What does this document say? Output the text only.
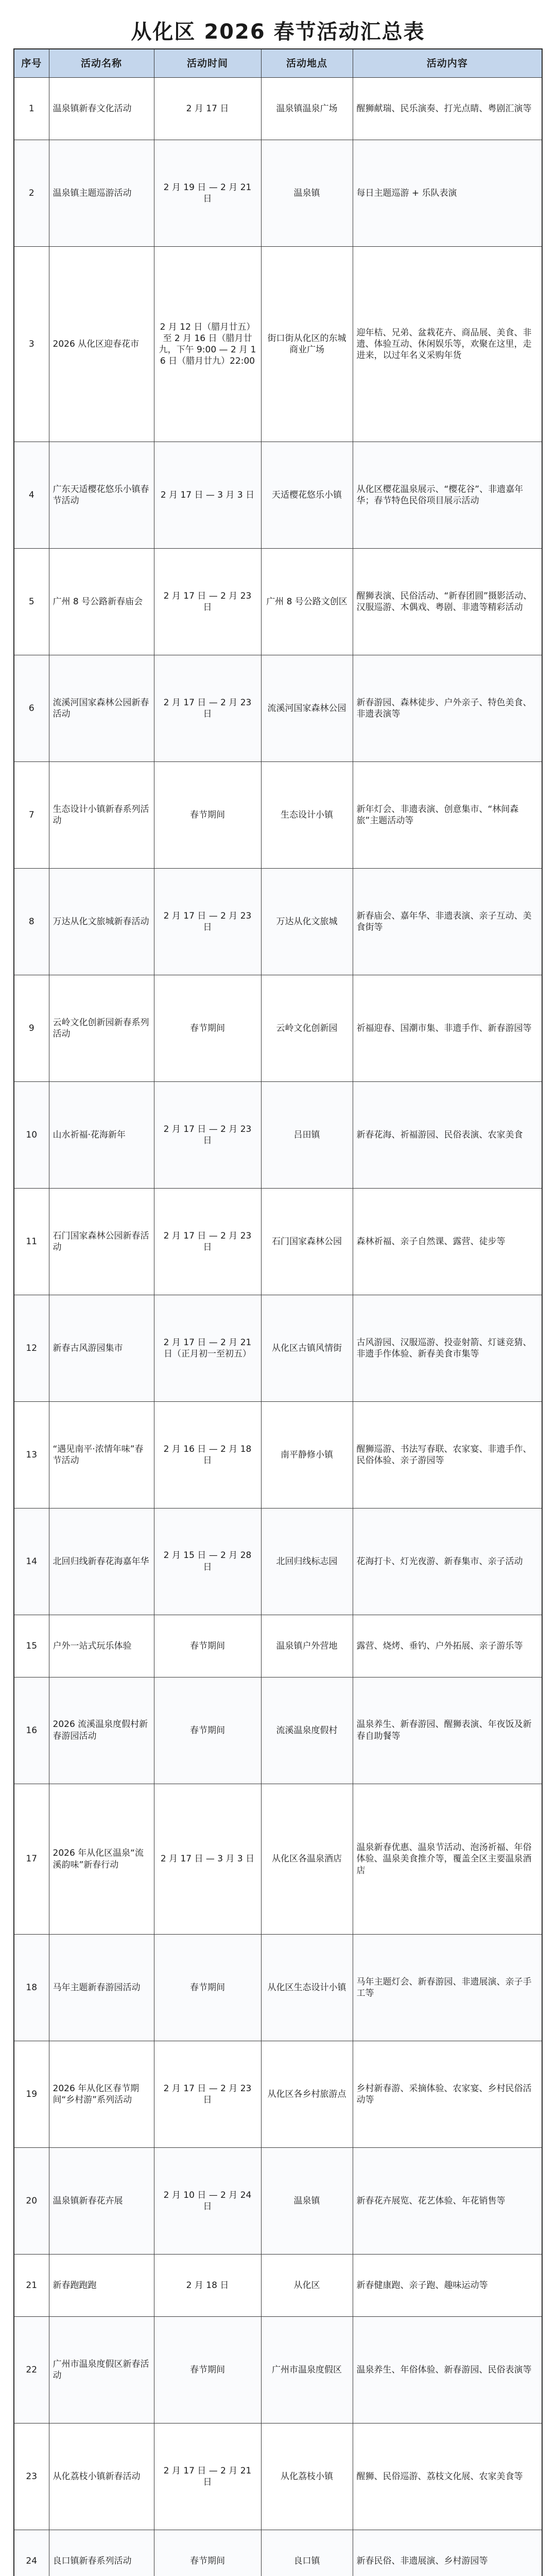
从化区 2026 春节活动汇总表
序号	活动名称	活动时间	活动地点	活动内容
1	温泉镇新春文化活动	2 月 17 日	温泉镇温泉广场	醒狮献瑞、民乐演奏、打光点睛、粤剧汇演等
2	温泉镇主题巡游活动	2 月 19 日 — 2 月 21 日	温泉镇	每日主题巡游 + 乐队表演
3	2026 从化区迎春花市	2 月 12 日（腊月廿五）至 2 月 16 日（腊月廿九，下午 9:00 — 2 月 16 日（腊月廿九）22:00	街口街从化区的东城商业广场	迎年桔、兄弟、盆栽花卉、商品展、美食、非遗、体验互动、休闲娱乐等，欢聚在这里，走进来，以过年名义采购年货
4	广东天适樱花悠乐小镇春节活动	2 月 17 日 — 3 月 3 日	天适樱花悠乐小镇	从化区樱花温泉展示、“樱花谷”、非遗嘉年华；春节特色民俗项目展示活动
5	广州 8 号公路新春庙会	2 月 17 日 — 2 月 23 日	广州 8 号公路文创区	醒狮表演、民俗活动、“新春团圆”摄影活动、汉服巡游、木偶戏、粤剧、非遗等精彩活动
6	流溪河国家森林公园新春活动	2 月 17 日 — 2 月 23 日	流溪河国家森林公园	新春游园、森林徒步、户外亲子、特色美食、非遗表演等
7	生态设计小镇新春系列活动	春节期间	生态设计小镇	新年灯会、非遗表演、创意集市、“林间森旅”主题活动等
8	万达从化文旅城新春活动	2 月 17 日 — 2 月 23 日	万达从化文旅城	新春庙会、嘉年华、非遗表演、亲子互动、美食街等
9	云岭文化创新园新春系列活动	春节期间	云岭文化创新园	祈福迎春、国潮市集、非遗手作、新春游园等
10	山水祈福·花海新年	2 月 17 日 — 2 月 23 日	吕田镇	新春花海、祈福游园、民俗表演、农家美食
11	石门国家森林公园新春活动	2 月 17 日 — 2 月 23 日	石门国家森林公园	森林祈福、亲子自然课、露营、徒步等
12	新春古风游园集市	2 月 17 日 — 2 月 21 日（正月初一至初五）	从化区古镇风情街	古风游园、汉服巡游、投壶射箭、灯谜竞猜、非遗手作体验、新春美食市集等
13	“遇见南平·浓情年味”春节活动	2 月 16 日 — 2 月 18 日	南平静修小镇	醒狮巡游、书法写春联、农家宴、非遗手作、民俗体验、亲子游园等
14	北回归线新春花海嘉年华	2 月 15 日 — 2 月 28 日	北回归线标志园	花海打卡、灯光夜游、新春集市、亲子活动
15	户外一站式玩乐体验	春节期间	温泉镇户外营地	露营、烧烤、垂钓、户外拓展、亲子游乐等
16	2026 流溪温泉度假村新春游园活动	春节期间	流溪温泉度假村	温泉养生、新春游园、醒狮表演、年夜饭及新春自助餐等
17	2026 年从化区温泉“流溪韵味”新春行动	2 月 17 日 — 3 月 3 日	从化区各温泉酒店	温泉新春优惠、温泉节活动、泡汤祈福、年俗体验、温泉美食推介等，覆盖全区主要温泉酒店
18	马年主题新春游园活动	春节期间	从化区生态设计小镇	马年主题灯会、新春游园、非遗展演、亲子手工等
19	2026 年从化区春节期间“乡村游”系列活动	2 月 17 日 — 2 月 23 日	从化区各乡村旅游点	乡村新春游、采摘体验、农家宴、乡村民俗活动等
20	温泉镇新春花卉展	2 月 10 日 — 2 月 24 日	温泉镇	新春花卉展览、花艺体验、年花销售等
21	新春跑跑跑	2 月 18 日	从化区	新春健康跑、亲子跑、趣味运动等
22	广州市温泉度假区新春活动	春节期间	广州市温泉度假区	温泉养生、年俗体验、新春游园、民俗表演等
23	从化荔枝小镇新春活动	2 月 17 日 — 2 月 21 日	从化荔枝小镇	醒狮、民俗巡游、荔枝文化展、农家美食等
24	良口镇新春系列活动	春节期间	良口镇	新春民俗、非遗展演、乡村游园等
